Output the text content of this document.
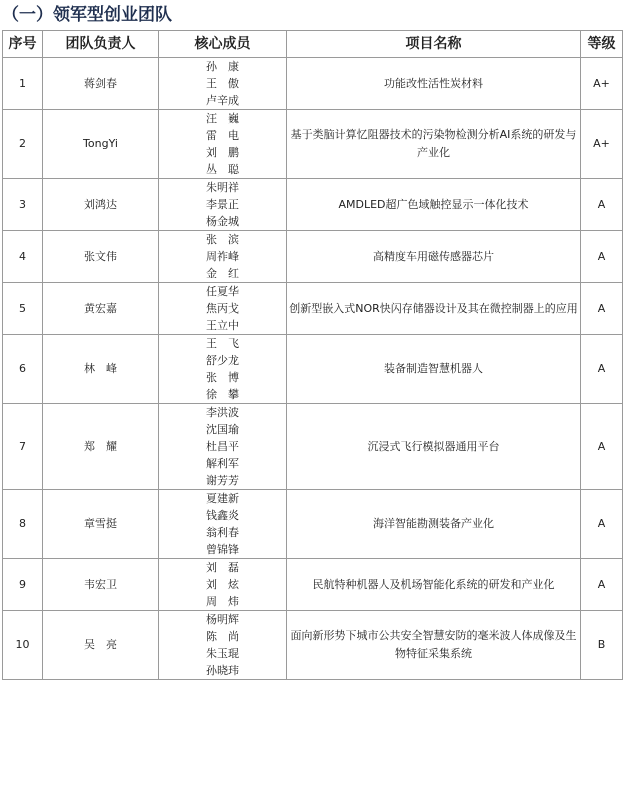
（一）领军型创业团队
序号	团队负责人	核心成员	项目名称	等级
1	蒋剑春	孙　康
王　傲
卢辛成	功能改性活性炭材料	A+
2	TongYi	汪　巍
雷　电
刘　鹏
丛　聪	基于类脑计算忆阻器技术的污染物检测分析AI系统的研发与产业化	A+
3	刘鸿达	朱明祥
李景正
杨金城	AMDLED超广色域触控显示一体化技术	A
4	张文伟	张　滨
周祚峰
金　红	高精度车用磁传感器芯片	A
5	黄宏嘉	任夏华
焦丙戈
王立中	创新型嵌入式NOR快闪存储器设计及其在微控制器上的应用	A
6	林　峰	王　飞
舒少龙
张　博
徐　攀	装备制造智慧机器人	A
7	郑　耀	李洪波
沈国瑜
杜昌平
解利军
谢芳芳	沉浸式飞行模拟器通用平台	A
8	章雪挺	夏建新
钱鑫炎
翁利春
曾锦锋	海洋智能勘测装备产业化	A
9	韦宏卫	刘　磊
刘　炫
周　炜	民航特种机器人及机场智能化系统的研发和产业化	A
10	吴　亮	杨明辉
陈　尚
朱玉琨
孙晓玮	面向新形势下城市公共安全智慧安防的毫米波人体成像及生物特征采集系统	B
